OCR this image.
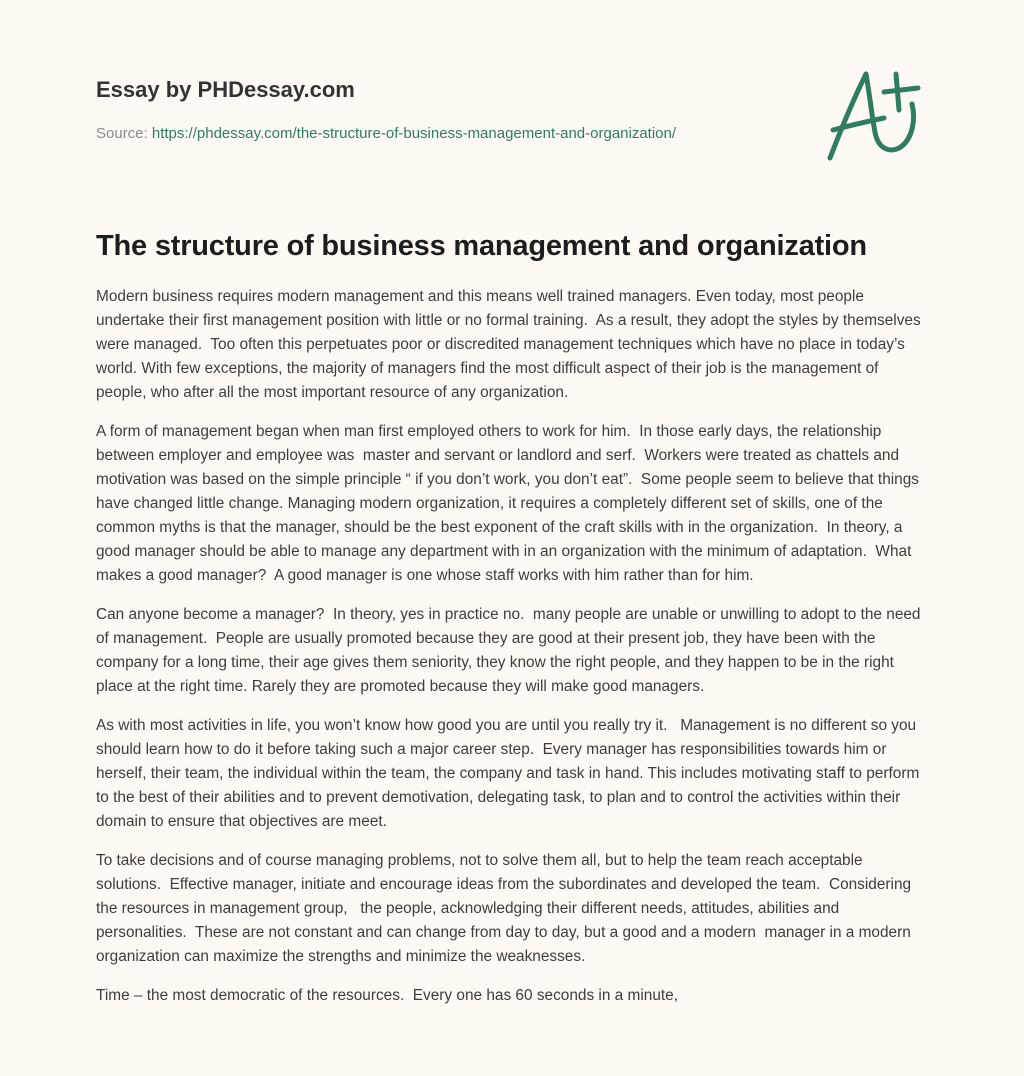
Essay by PHDessay.com
Source: https://phdessay.com/the-structure-of-business-management-and-organization/
The structure of business management and organization

Modern business requires modern management and this means well trained managers. Even today, most people undertake their first management position with little or no formal training.  As a result, they adopt the styles by themselves were managed.  Too often this perpetuates poor or discredited management techniques which have no place in today’s world. With few exceptions, the majority of managers find the most difficult aspect of their job is the management of people, who after all the most important resource of any organization.

A form of management began when man first employed others to work for him.  In those early days, the relationship between employer and employee was  master and servant or landlord and serf.  Workers were treated as chattels and motivation was based on the simple principle “ if you don’t work, you don’t eat”.  Some people seem to believe that things have changed little change. Managing modern organization, it requires a completely different set of skills, one of the common myths is that the manager, should be the best exponent of the craft skills with in the organization.  In theory, a good manager should be able to manage any department with in an organization with the minimum of adaptation.  What makes a good manager?  A good manager is one whose staff works with him rather than for him.

Can anyone become a manager?  In theory, yes in practice no.  many people are unable or unwilling to adopt to the need of management.  People are usually promoted because they are good at their present job, they have been with the company for a long time, their age gives them seniority, they know the right people, and they happen to be in the right place at the right time. Rarely they are promoted because they will make good managers.

As with most activities in life, you won’t know how good you are until you really try it.   Management is no different so you should learn how to do it before taking such a major career step.  Every manager has responsibilities towards him or herself, their team, the individual within the team, the company and task in hand. This includes motivating staff to perform to the best of their abilities and to prevent demotivation, delegating task, to plan and to control the activities within their domain to ensure that objectives are meet.

To take decisions and of course managing problems, not to solve them all, but to help the team reach acceptable solutions.  Effective manager, initiate and encourage ideas from the subordinates and developed the team.  Considering the resources in management group,   the people, acknowledging their different needs, attitudes, abilities and personalities.  These are not constant and can change from day to day, but a good and a modern  manager in a modern organization can maximize the strengths and minimize the weaknesses.

Time – the most democratic of the resources.  Every one has 60 seconds in a minute,
